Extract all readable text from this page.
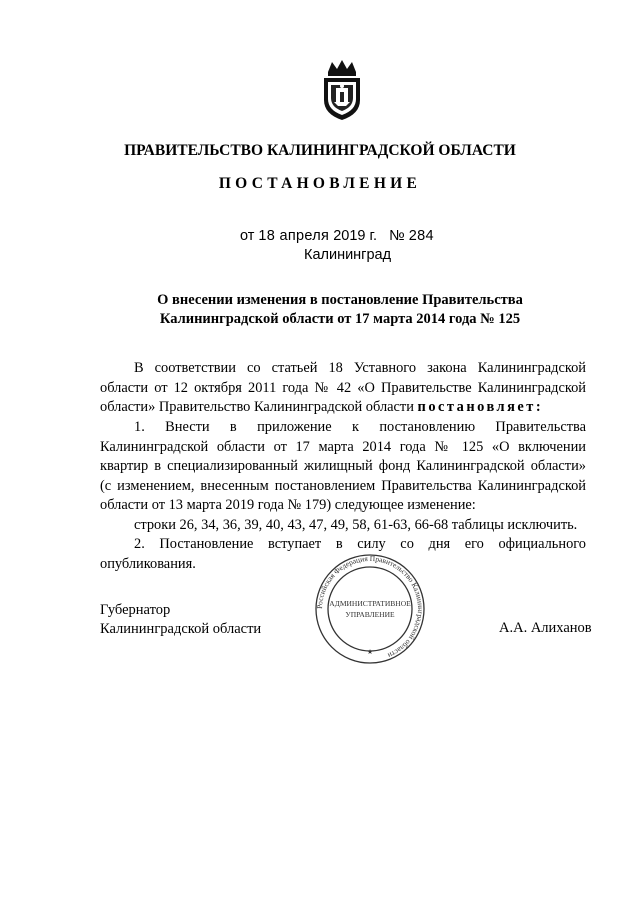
ПРАВИТЕЛЬСТВО КАЛИНИНГРАДСКОЙ ОБЛАСТИ
ПОСТАНОВЛЕНИЕ
от 18 апреля 2019 г. № 284
Калининград
О внесении изменения в постановление Правительства
Калининградской области от 17 марта 2014 года № 125
В соответствии со статьей 18 Уставного закона Калининградской
области от 12 октября 2011 года № 42 «О Правительстве Калининградской
области» Правительство Калининградской области постановляет:
1. Внести в приложение к постановлению Правительства
Калининградской области от 17 марта 2014 года № 125 «О включении
квартир в специализированный жилищный фонд Калининградской области»
(с изменением, внесенным постановлением Правительства Калининградской
области от 13 марта 2019 года № 179) следующее изменение:
строки 26, 34, 36, 39, 40, 43, 47, 49, 58, 61-63, 66-68 таблицы исключить.
2. Постановление вступает в силу со дня его официального
опубликования.
Российская Федерация Правительство Калининградской области
АДМИНИСТРАТИВНОЕ
УПРАВЛЕНИЕ
★
Губернатор
Калининградской области	А.А. Алиханов
